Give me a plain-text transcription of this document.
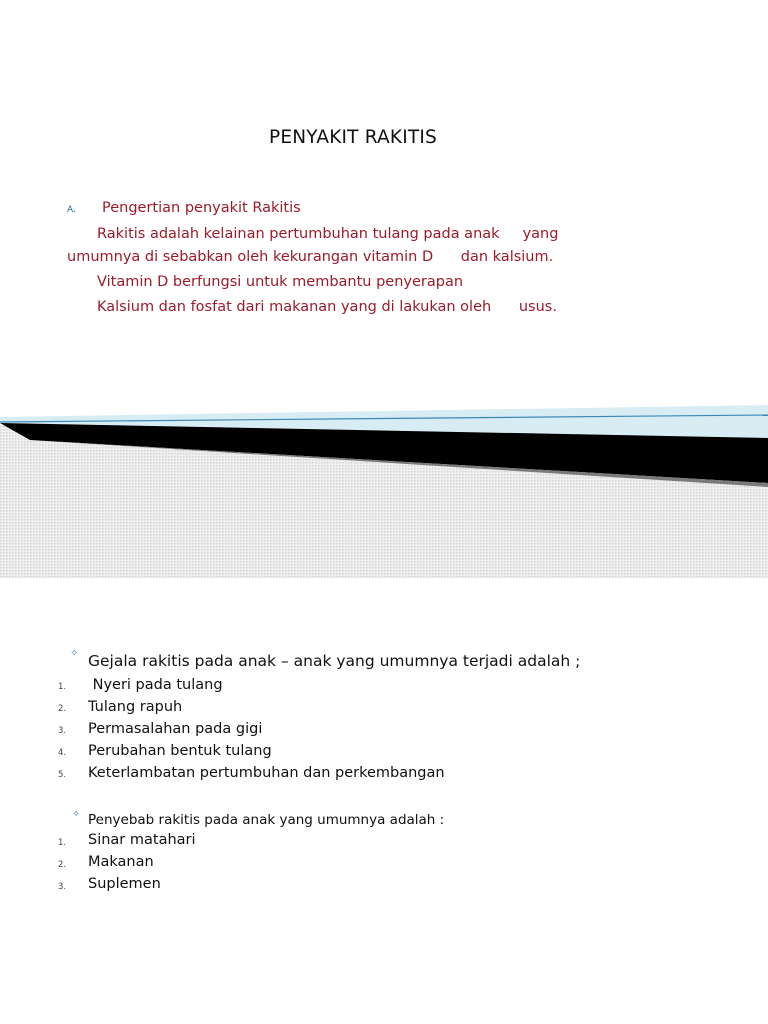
PENYAKIT RAKITIS
A. Pengertian penyakit Rakitis
Rakitis adalah kelainan pertumbuhan tulang pada anak     yang
umumnya di sebabkan oleh kekurangan vitamin D      dan kalsium.
Vitamin D berfungsi untuk membantu penyerapan
Kalsium dan fosfat dari makanan yang di lakukan oleh      usus.
✧ Gejala rakitis pada anak – anak yang umumnya terjadi adalah ;
1. Nyeri pada tulang
2. Tulang rapuh
3. Permasalahan pada gigi
4. Perubahan bentuk tulang
5. Keterlambatan pertumbuhan dan perkembangan
✧ Penyebab rakitis pada anak yang umumnya adalah :
1. Sinar matahari
2. Makanan
3. Suplemen
